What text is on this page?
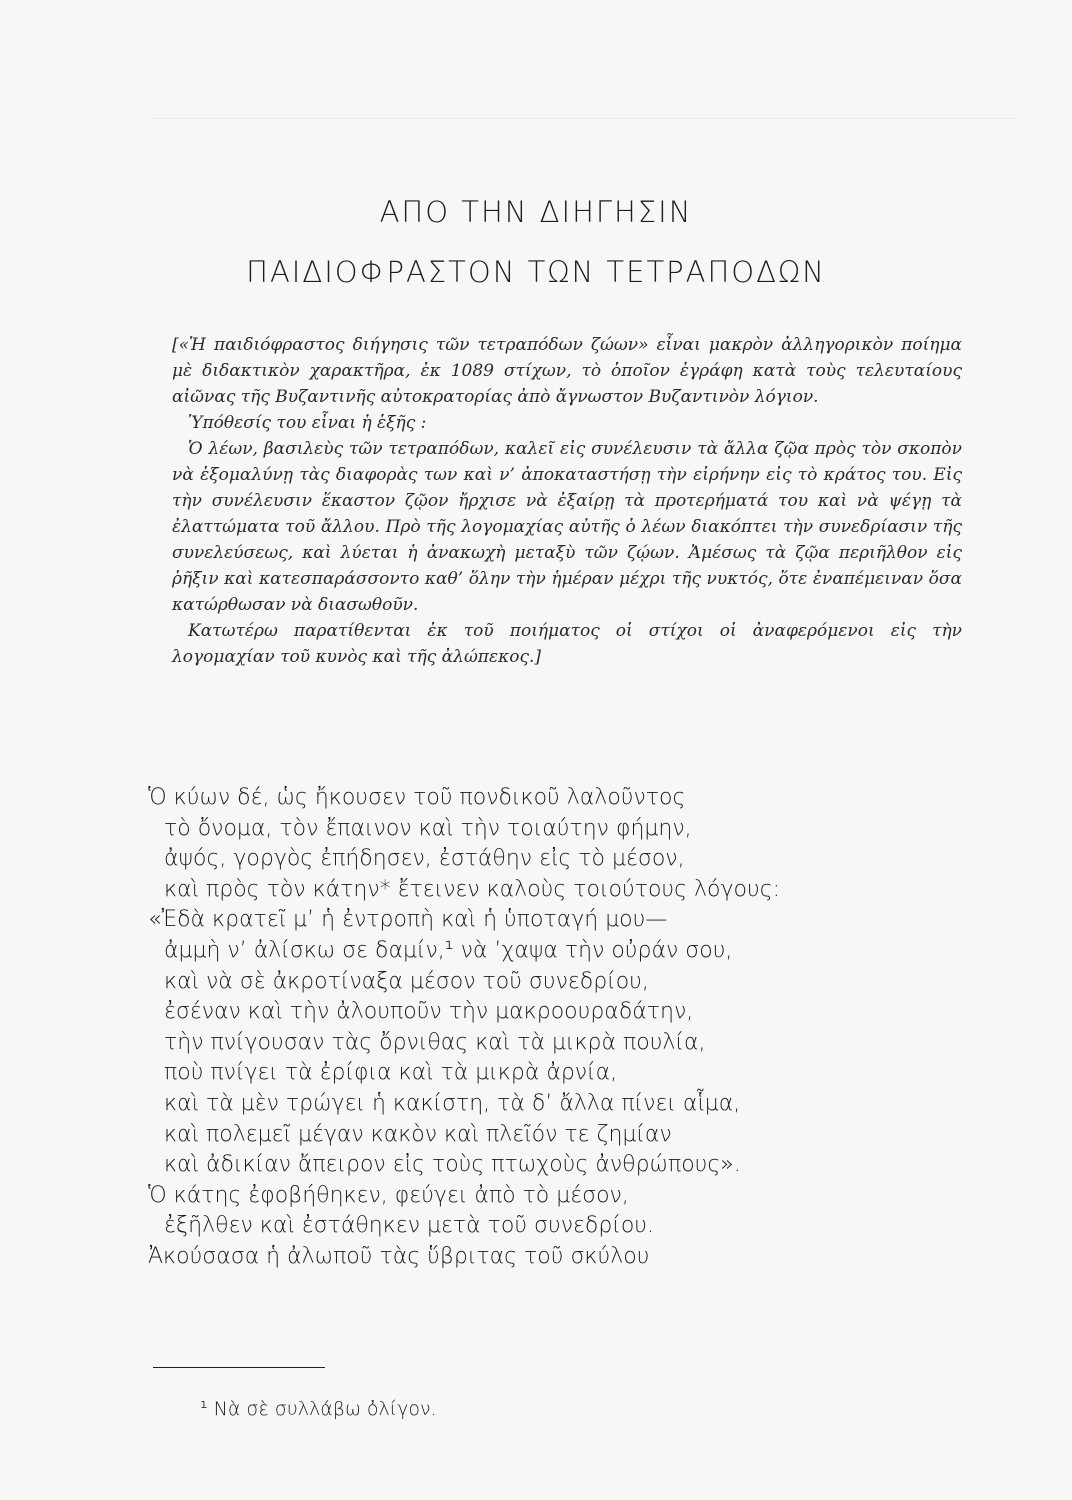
ΑΠΟ ΤΗΝ ΔΙΗΓΗΣΙΝ
ΠΑΙΔΙΟΦΡΑΣΤΟΝ ΤΩΝ ΤΕΤΡΑΠΟΔΩΝ

[«Ἡ παιδιόφραστος διήγησις τῶν τετραπόδων ζώων» εἶναι μακρὸν ἀλληγορικὸν ποίημα μὲ διδακτικὸν χαρακτῆρα, ἐκ 1089 στίχων, τὸ ὁποῖον ἐγράφη κατὰ τοὺς τελευταίους αἰῶνας τῆς Βυζαντινῆς αὐτοκρατορίας ἀπὸ ἄγνωστον Βυζαντινὸν λόγιον.

Ὑπόθεσίς του εἶναι ἡ ἑξῆς :

Ὁ λέων, βασιλεὺς τῶν τετραπόδων, καλεῖ εἰς συνέλευσιν τὰ ἄλλα ζῷα πρὸς τὸν σκοπὸν νὰ ἐξομαλύνῃ τὰς διαφορὰς των καὶ ν’ ἀποκαταστήσῃ τὴν εἰρήνην εἰς τὸ κράτος του. Εἰς τὴν συνέλευσιν ἕκαστον ζῷον ἤρχισε νὰ ἐξαίρῃ τὰ προτερήματά του καὶ νὰ ψέγῃ τὰ ἐλαττώματα τοῦ ἄλλου. Πρὸ τῆς λογομαχίας αὐτῆς ὁ λέων διακόπτει τὴν συνεδρίασιν τῆς συνελεύσεως, καὶ λύεται ἡ ἀνακωχὴ μεταξὺ τῶν ζῴων. Ἀμέσως τὰ ζῷα περιῆλθον εἰς ῥῆξιν καὶ κατεσπαράσσοντο καθ’ ὅλην τὴν ἡμέραν μέχρι τῆς νυκτός, ὅτε ἐναπέμειναν ὅσα κατώρθωσαν νὰ διασωθοῦν.

Κατωτέρω παρατίθενται ἐκ τοῦ ποιήματος οἱ στίχοι οἱ ἀναφερόμενοι εἰς τὴν λογομαχίαν τοῦ κυνὸς καὶ τῆς ἀλώπεκος.]

Ὁ κύων δέ, ὡς ἤκουσεν τοῦ πονδικοῦ λαλοῦντος
τὸ ὄνομα, τὸν ἔπαινον καὶ τὴν τοιαύτην φήμην,
ἀψός, γοργὸς ἐπήδησεν, ἐστάθην εἰς τὸ μέσον,
καὶ πρὸς τὸν κάτην* ἔτεινεν καλοὺς τοιούτους λόγους:
«Ἐδὰ κρατεῖ μ’ ἡ ἐντροπὴ καὶ ἡ ὑποταγή μου—
ἀμμὴ ν’ ἀλίσκω σε δαμίν,¹ νὰ ’χαψα τὴν οὐράν σου,
καὶ νὰ σὲ ἀκροτίναξα μέσον τοῦ συνεδρίου,
ἐσέναν καὶ τὴν ἀλουποῦν τὴν μακροουραδάτην,
τὴν πνίγουσαν τὰς ὄρνιθας καὶ τὰ μικρὰ πουλία,
ποὺ πνίγει τὰ ἐρίφια καὶ τὰ μικρὰ ἀρνία,
καὶ τὰ μὲν τρώγει ἡ κακίστη, τὰ δ’ ἄλλα πίνει αἷμα,
καὶ πολεμεῖ μέγαν κακὸν καὶ πλεῖόν τε ζημίαν
καὶ ἀδικίαν ἄπειρον εἰς τοὺς πτωχοὺς ἀνθρώπους».
Ὁ κάτης ἐφοβήθηκεν, φεύγει ἀπὸ τὸ μέσον,
ἐξῆλθεν καὶ ἐστάθηκεν μετὰ τοῦ συνεδρίου.
Ἀκούσασα ἡ ἀλωποῦ τὰς ὕβριτας τοῦ σκύλου
¹ Νὰ σὲ συλλάβω ὀλίγον.
